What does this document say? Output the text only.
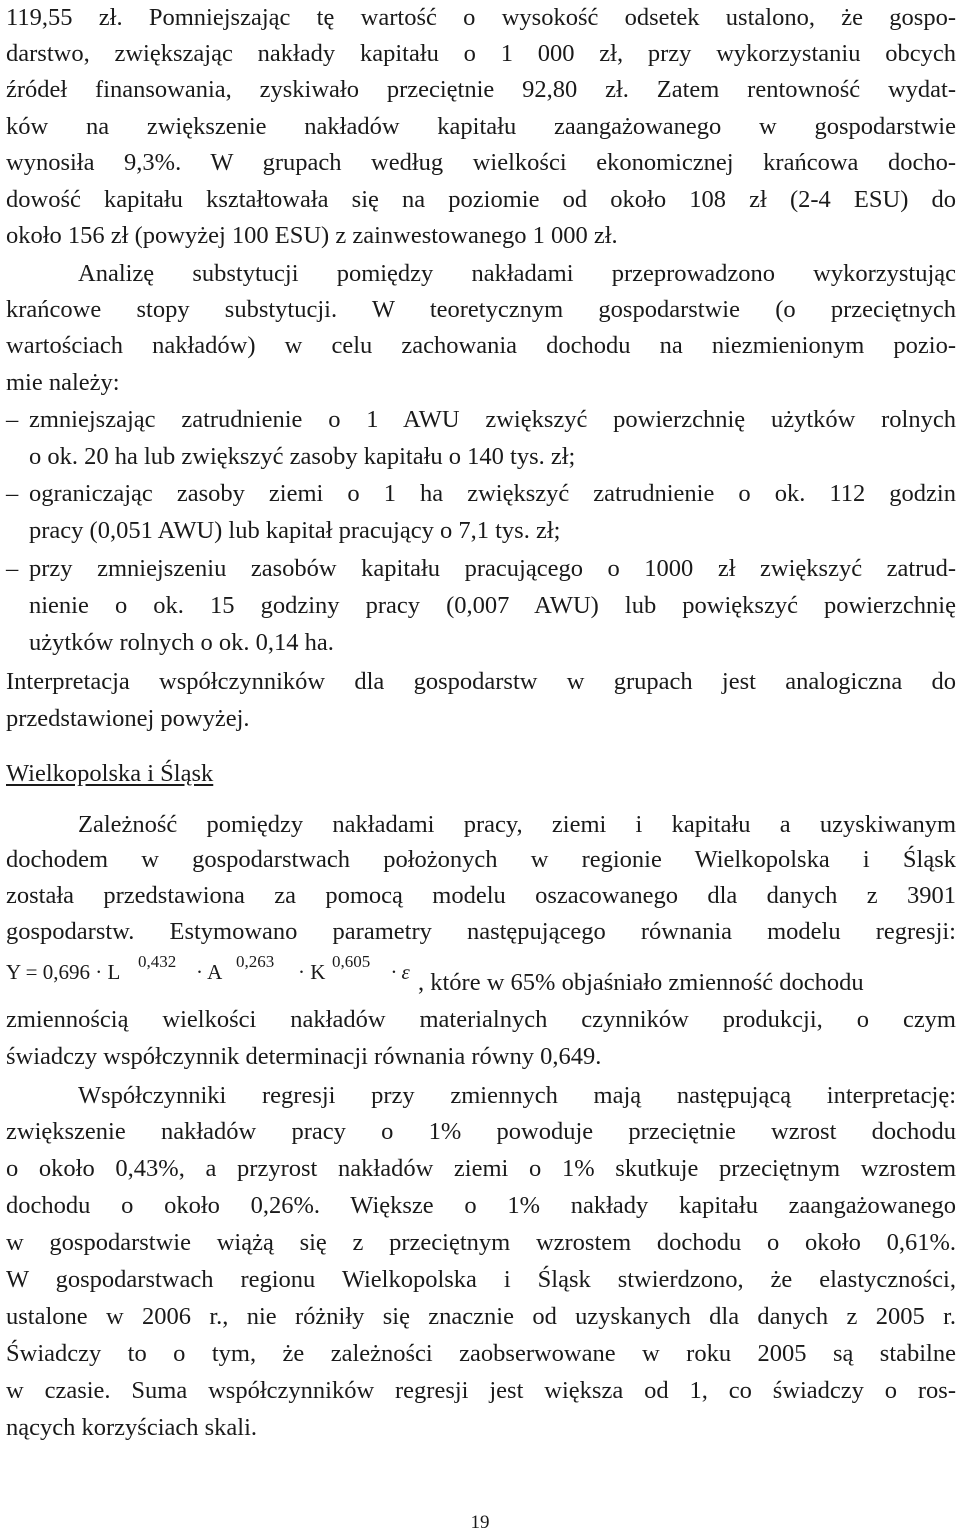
119,55 zł. Pomniejszając tę wartość o wysokość odsetek ustalono, że gospo-
darstwo, zwiększając nakłady kapitału o 1 000 zł, przy wykorzystaniu obcych
źródeł finansowania, zyskiwało przeciętnie 92,80 zł. Zatem rentowność wydat-
ków na zwiększenie nakładów kapitału zaangażowanego w gospodarstwie
wynosiła 9,3%. W grupach według wielkości ekonomicznej krańcowa docho-
dowość kapitału kształtowała się na poziomie od około 108 zł (2-4 ESU) do
około 156 zł (powyżej 100 ESU) z zainwestowanego 1 000 zł.
Analizę substytucji pomiędzy nakładami przeprowadzono wykorzystując
krańcowe stopy substytucji. W teoretycznym gospodarstwie (o przeciętnych
wartościach nakładów) w celu zachowania dochodu na niezmienionym pozio-
mie należy:
– zmniejszając zatrudnienie o 1 AWU zwiększyć powierzchnię użytków rolnych
o ok. 20 ha lub zwiększyć zasoby kapitału o 140 tys. zł;
– ograniczając zasoby ziemi o 1 ha zwiększyć zatrudnienie o ok. 112 godzin
pracy (0,051 AWU) lub kapitał pracujący o 7,1 tys. zł;
– przy zmniejszeniu zasobów kapitału pracującego o 1000 zł zwiększyć zatrud-
nienie o ok. 15 godziny pracy (0,007 AWU) lub powiększyć powierzchnię
użytków rolnych o ok. 0,14 ha.
Interpretacja współczynników dla gospodarstw w grupach jest analogiczna do
przedstawionej powyżej.
Wielkopolska i Śląsk
Zależność pomiędzy nakładami pracy, ziemi i kapitału a uzyskiwanym
dochodem w gospodarstwach położonych w regionie Wielkopolska i Śląsk
została przedstawiona za pomocą modelu oszacowanego dla danych z 3901
gospodarstw. Estymowano parametry następującego równania modelu regresji:
Y = 0,696 · L 0,432 · A 0,263 · K 0,605 · ε , które w 65% objaśniało zmienność dochodu
zmiennością wielkości nakładów materialnych czynników produkcji, o czym
świadczy współczynnik determinacji równania równy 0,649.
Współczynniki regresji przy zmiennych mają następującą interpretację:
zwiększenie nakładów pracy o 1% powoduje przeciętnie wzrost dochodu
o około 0,43%, a przyrost nakładów ziemi o 1% skutkuje przeciętnym wzrostem
dochodu o około 0,26%. Większe o 1% nakłady kapitału zaangażowanego
w gospodarstwie wiążą się z przeciętnym wzrostem dochodu o około 0,61%.
W gospodarstwach regionu Wielkopolska i Śląsk stwierdzono, że elastyczności,
ustalone w 2006 r., nie różniły się znacznie od uzyskanych dla danych z 2005 r.
Świadczy to o tym, że zależności zaobserwowane w roku 2005 są stabilne
w czasie. Suma współczynników regresji jest większa od 1, co świadczy o ros-
nących korzyściach skali.
19
